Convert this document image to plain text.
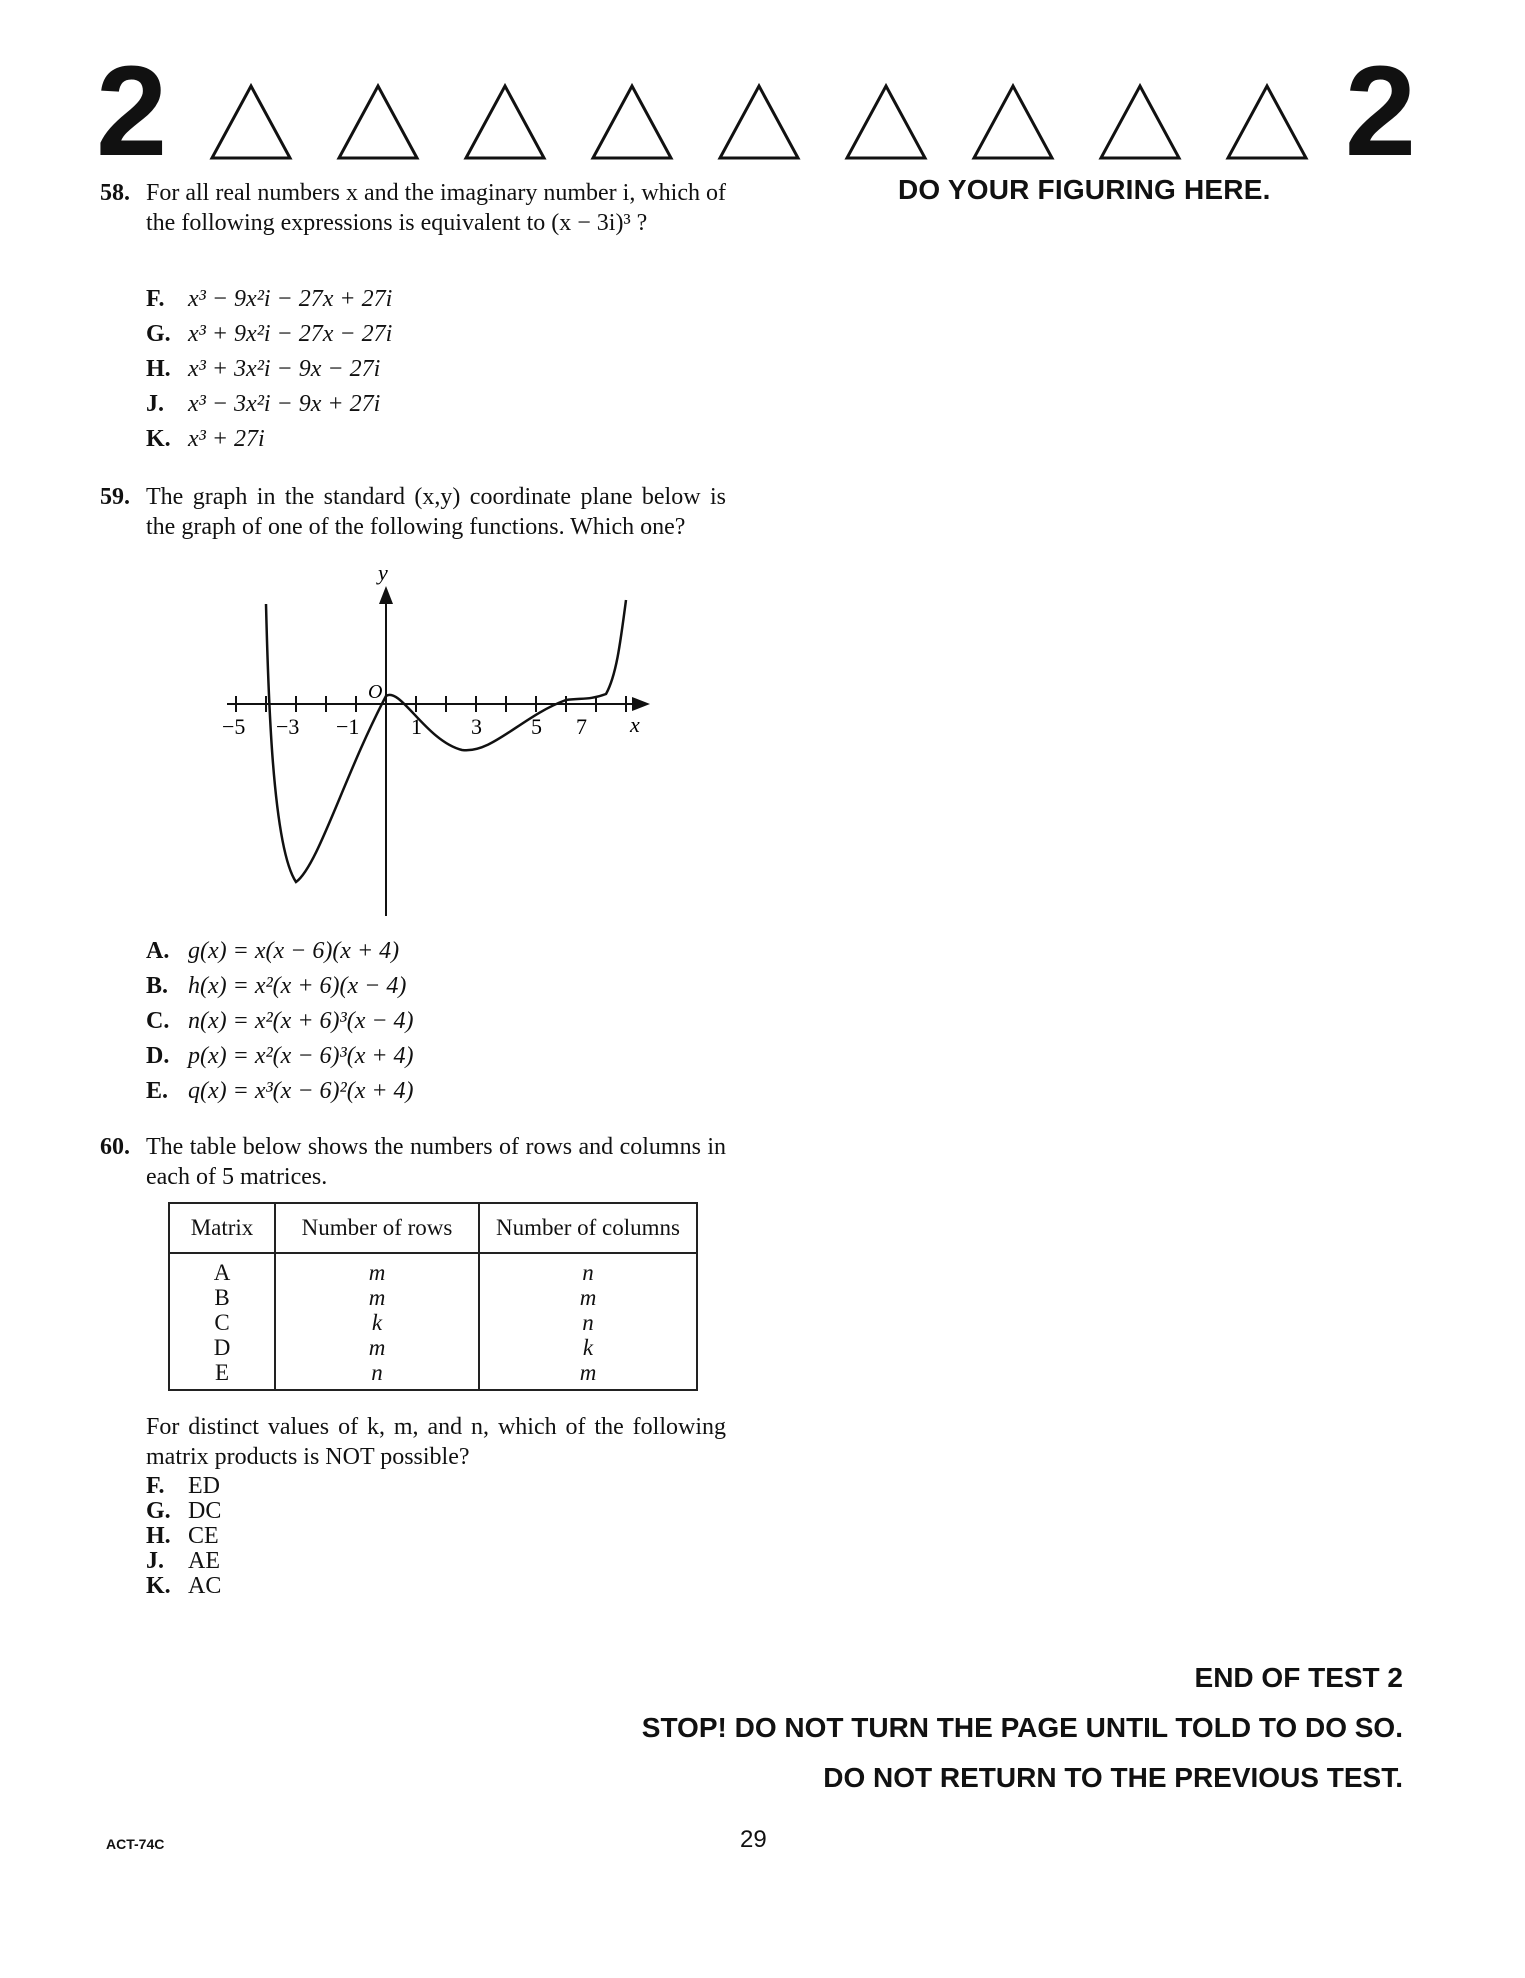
2	2
DO YOUR FIGURING HERE.
58. For all real numbers x and the imaginary number i, which of the following expressions is equivalent to (x − 3i)³ ?
F. x³ − 9x²i − 27x + 27i
G. x³ + 9x²i − 27x − 27i
H. x³ + 3x²i − 9x − 27i
J. x³ − 3x²i − 9x + 27i
K. x³ + 27i
59. The graph in the standard (x,y) coordinate plane below is the graph of one of the following functions. Which one?
y
x
O
−5 −3 −1 1 3 5 7
A. g(x) = x(x − 6)(x + 4)
B. h(x) = x²(x + 6)(x − 4)
C. n(x) = x²(x + 6)³(x − 4)
D. p(x) = x²(x − 6)³(x + 4)
E. q(x) = x³(x − 6)²(x + 4)
60. The table below shows the numbers of rows and columns in each of 5 matrices.
Matrix	Number of rows	Number of columns
A	m	n
B	m	m
C	k	n
D	m	k
E	n	m
For distinct values of k, m, and n, which of the following matrix products is NOT possible?
F. ED
G. DC
H. CE
J. AE
K. AC
END OF TEST 2
STOP! DO NOT TURN THE PAGE UNTIL TOLD TO DO SO.
DO NOT RETURN TO THE PREVIOUS TEST.
ACT-74C	29
